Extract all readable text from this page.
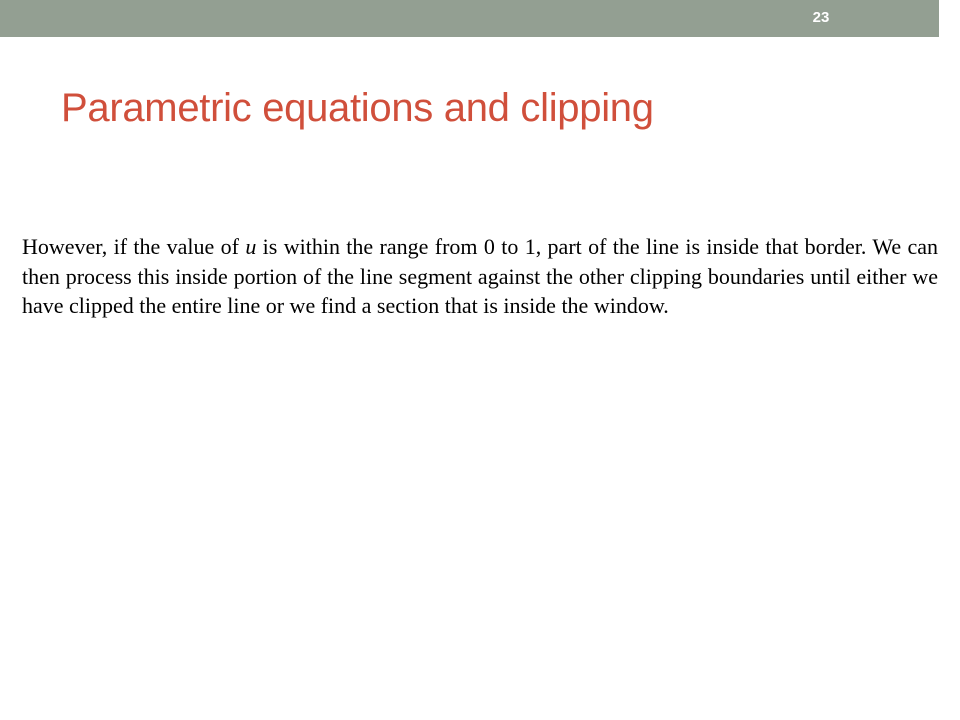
23
Parametric equations and clipping

However, if the value of u is within the range from 0 to 1, part of the line is inside that border. We can then process this inside portion of the line segment against the other clipping boundaries until either we have clipped the entire line or we find a section that is inside the window.
